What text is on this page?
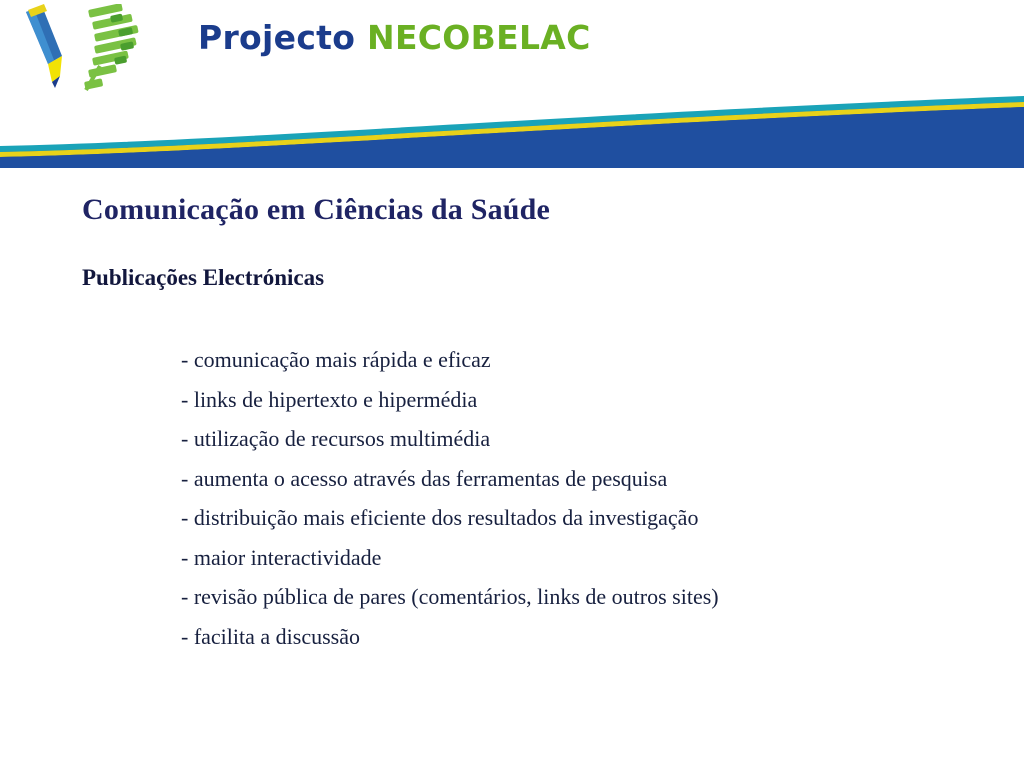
Projecto NECOBELAC
Comunicação em Ciências da Saúde
Publicações Electrónicas
- comunicação mais rápida e eficaz
- links de hipertexto e hipermédia
- utilização de recursos multimédia
- aumenta o acesso através das ferramentas de pesquisa
- distribuição mais eficiente dos resultados da investigação
- maior interactividade
- revisão pública de pares (comentários, links de outros sites)
- facilita a discussão
